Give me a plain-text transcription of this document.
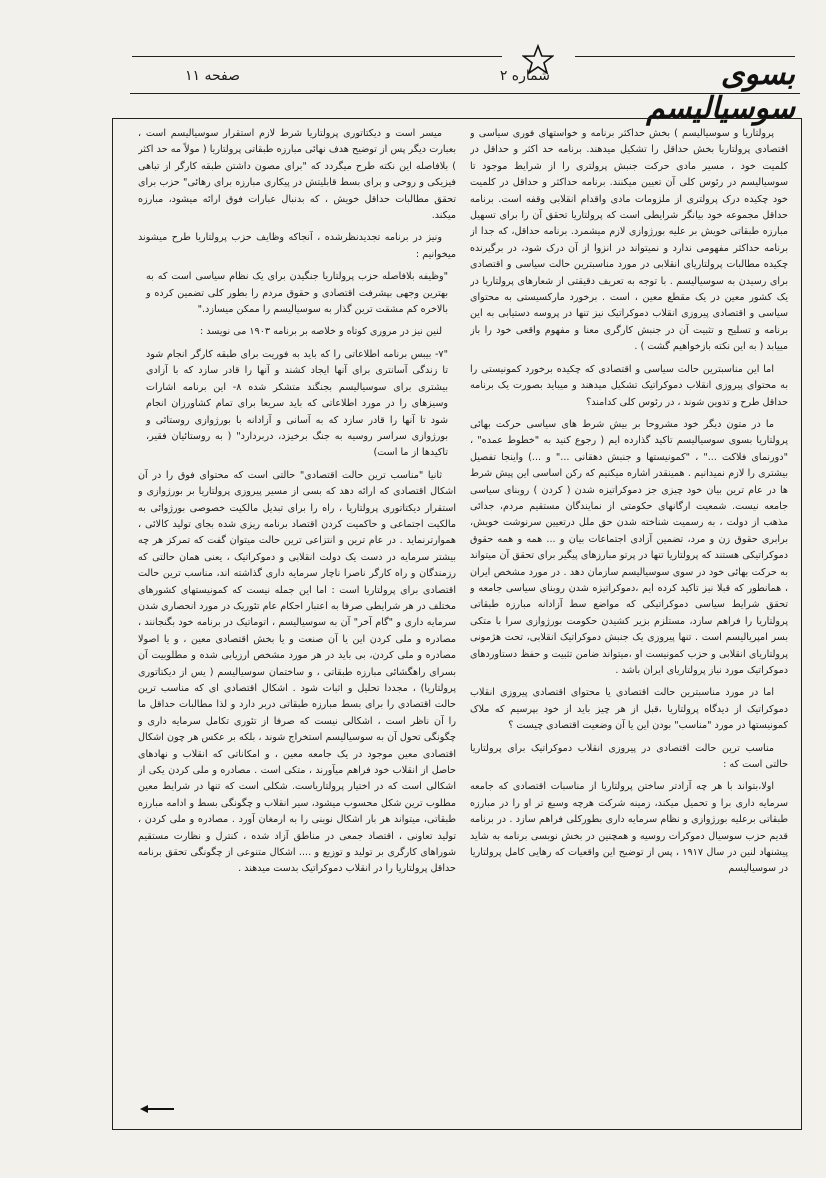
بسوی سوسیالیسم
شماره ۲
صفحه ۱۱

پرولتاریا و سوسیالیسم ) بخش حداکثر برنامه و خواستهای فوری سیاسی و اقتصادی پرولتاریا بخش حداقل را تشکیل میدهند. برنامه حد اکثر و حداقل در کلمیت خود ، مسیر مادی حرکت جنبش پرولتری را از شرایط موجود تا سوسیالیسم در رئوس کلی آن تعیین میکنند. برنامه حداکثر و حداقل در کلمیت خود چکیده درک پرولتری از ملزومات مادی واقدام انقلابی وقفه است. برنامه حداقل مجموعه خود بیانگر شرایطی است که پرولتاریا تحقق آن را برای تسهیل مبارزه طبقاتی خویش بر علیه بورژوازی لازم میشمرد. برنامه حداقل، که جدا از برنامه حداکثر مفهومی ندارد و نمیتواند در انزوا از آن درک شود، در برگیرنده چکیده مطالبات پرولتاریای انقلابی در مورد مناسبترین حالت سیاسی و اقتصادی برای رسیدن به سوسیالیسم . با توجه به تعریف دقیقتی از شعارهای پرولتاریا در یک کشور معین در یک مقطع معین ، است . برخورد مارکسیستی به محتوای سیاسی و اقتصادی پیروزی انقلاب دموکراتیک نیز تنها در پروسه دستیابی به این برنامه و تسلیح و تثبیت آن در جنبش کارگری معنا و مفهوم واقعی خود را باز مییابد ( به این نکته بازخواهیم گشت ) .

اما این مناسبترین حالت سیاسی و اقتصادی که چکیده برخورد کمونیستی را به محتوای پیروزی انقلاب دموکراتیک تشکیل میدهند و میباید بصورت یک برنامه حداقل طرح و تدوین شوند ، در رئوس کلی کدامند؟

ما در متون دیگر خود مشروحا بر بیش شرط های سیاسی حرکت بهائی پرولتاریا بسوی سوسیالیسم تاکید گذارده ایم ( رجوع کنید به "خطوط عمده" ، "دورنمای فلاکت ..." ، "کمونیستها و جنبش دهقانی ..." و ...) واینجا تفصیل بیشتری را لازم نمیدانیم . همینقدر اشاره میکنیم که رکن اساسی این پیش شرط ها در عام ترین بیان خود چیزی جز دموکراتیزه شدن ( کردن ) روبنای سیاسی جامعه نیست. شمعیت ارگانهای حکومتی از نمایندگان مستقیم مردم، جدائی مذهب از دولت ، به رسمیت شناخته شدن حق ملل درتعیین سرنوشت خویش، برابری حقوق زن و مرد، تضمین آزادی اجتماعات بیان و ... همه و همه حقوق دموکراتیکی هستند که پرولتاریا تنها در پرتو مبارزهای پیگیر برای تحقق آن میتواند به حرکت بهائی خود در سوی سوسیالیسم سازمان دهد . در مورد مشخص ایران ، همانطور که قبلا نیز تاکید کرده ایم ،دموکراتیزه شدن روبنای سیاسی جامعه و تحقق شرایط سیاسی دموکراتیکی که مواضع سط آزادانه مبارزه طبقاتی پرولتاریا را فراهم سازد، مستلزم بزیر کشیدن حکومت بورژوازی سرا با متکی بسر امپریالیسم است . تنها پیروزی یک جنبش دموکراتیک انقلابی، تحت هژمونی پرولتاریای انقلابی و حزب کمونیست او ،میتواند ضامن تثبیت و حفظ دستاوردهای دموکراتیک مورد نیاز پرولتاریای ایران باشد .

اما در مورد مناسبترین حالت اقتصادی یا محتوای اقتصادی پیروزی انقلاب دموکراتیک از دیدگاه پرولتاریا ،قبل از هر چیز باید از خود بپرسیم که ملاک کمونیستها در مورد "مناسب" بودن این یا آن وضعیت اقتصادی چیست ؟

مناسب ترین حالت اقتصادی در پیروزی انقلاب دموکراتیک برای پرولتاریا حالتی است که :

اولا،بتواند با هر چه آزادتر ساختن پرولتاریا از مناسبات اقتصادی که جامعه سرمایه داری برا و تحمیل میکند، زمینه شرکت هرچه وسیع تر او را در مبارزه طبقاتی برعلیه بورژوازی و نظام سرمایه داری بطورکلی فراهم سازد . در برنامه قدیم حزب سوسیال دموکرات روسیه و همچنین در بخش نوبسی برنامه به شاید پیشنهاد لنین در سال ۱۹۱۷ ، پس از توضیح این واقعیات که رهایی کامل پرولتاریا در سوسیالیسم

میسر است و دیکتاتوری پرولتاریا شرط لازم استقرار سوسیالیسم است ، بعبارت دیگر پس از توضیح هدف نهائی مبارزه طبقاتی پرولتاریا ( مولاً مه حد اکثر ) بلافاصله این نکته طرح میگردد که "برای مصون داشتن طبقه کارگر از تباهی فیزیکی و روحی و برای بسط قابلیتش در پیکاری مبارزه برای رهائی" حزب برای تحقق مطالبات حداقل خویش ، که بدنبال عبارات فوق ارائه میشود، مبارزه میکند.

ونیز در برنامه تجدیدنظرشده ، آنجاکه وظایف حزب پرولتاریا طرح میشوند میخوانیم :

"وظیفه بلافاصله حزب پرولتاریا جنگیدن برای یک نظام سیاسی است که به بهترین وجهی بپشرفت اقتصادی و حقوق مردم را بطور کلی تضمین کرده و بالاخره کم مشقت ترین گذار به سوسیالیسم را ممکن میسازد."

لنین نیز در مروری کوتاه و خلاصه بر برنامه ۱۹۰۳ می نویسد :

"۷- بیبس برنامه اطلاعاتی را که باید به فوریت برای طبقه کارگر انجام شود تا زندگی آسانتری برای آنها ایجاد کشند و آنها را قادر سازد که با آزادی بیشتری برای سوسیالیسم بجنگند متشکر شده ۸- این برنامه اشارات وسیزهای را در مورد اطلاعاتی که باید سریعا برای تمام کشاورزان انجام شود تا آنها را قادر سازد که به آسانی و آزادانه با بورژوازی روستائی و بورژوازی سراسر روسیه به جنگ برخیزد، دربردارد" ( به روستائیان فقیر، تاکیدها از ما است)

ثانیا "مناسب ترین حالت اقتصادی" حالتی است که محتوای فوق را در آن اشکال اقتصادی که ارائه دهد که بسی از مسیر پیروزی پرولتاریا بر بورژوازی و استقرار دیکتاتوری پرولتاریا ، راه را برای تبدیل مالکیت خصوصی بورژوائی به مالکیت اجتماعی و حاکمیت کردن اقتصاد برنامه ریزی شده بجای تولید کالائی ، هموارترنماید . در عام ترین و انتزاعی ترین حالت میتوان گفت که تمرکز هر چه بیشتر سرمایه در دست یک دولت انقلابی و دموکراتیک ، یعنی همان حالتی که رزمندگان و راه کارگر ناصرا ناچار سرمایه داری گذاشته اند، مناسب ترین حالت اقتصادی برای پرولتاریا است : اما این جمله نیست که کمونیستهای کشورهای مختلف در هر شرایطی صرفا به اعتبار احکام عام تئوریک در مورد انحصاری شدن سرمایه داری و "گام آخر" آن به سوسیالیسم ، اتوماتیک در برنامه خود بگنجانند ، مصادره و ملی کردن این یا آن صنعت و یا بخش اقتصادی معین ، و یا اصولا مصادره و ملی کردن، بی باید در هر مورد مشخص ارزیابی شده و مطلوبیت آن بسرای راهگشائی مبارزه طبقاتی ، و ساختمان سوسیالیسم ( یس از دیکتاتوری پرولتاریا) ، مجددا تحلیل و اثبات شود . اشکال اقتصادی ای که مناسب ترین حالت اقتصادی را برای بسط مبارزه طبقاتی دربر دارد و لذا مطالبات حداقل ما را آن ناظر است ، اشکالی نیست که صرفا از تئوری تکامل سرمایه داری و چگونگی تحول آن به سوسیالیسم استخراج شوند ، بلکه بر عکس هر چون اشکال اقتصادی معین موجود در یک جامعه معین ، و امکاناتی که انقلاب و نهادهای حاصل از انقلاب خود فراهم میآورند ، متکی است . مصادره و ملی کردن یکی از اشکالی است که در اختیار پرولتاریاست. شکلی است که تنها در شرایط معین مطلوب ترین شکل محسوب میشود، سیر انقلاب و چگونگی بسط و ادامه مبارزه طبقاتی، میتواند هر بار اشکال نوینی را به ارمغان آورد . مصادره و ملی کردن ، تولید تعاونی ، اقتصاد جمعی در مناطق آزاد شده ، کنترل و نظارت مستقیم شوراهای کارگری بر تولید و توزیع و .... اشکال متنوعی از چگونگی تحقق برنامه حداقل پرولتاریا را در انقلاب دموکراتیک بدست میدهند .
